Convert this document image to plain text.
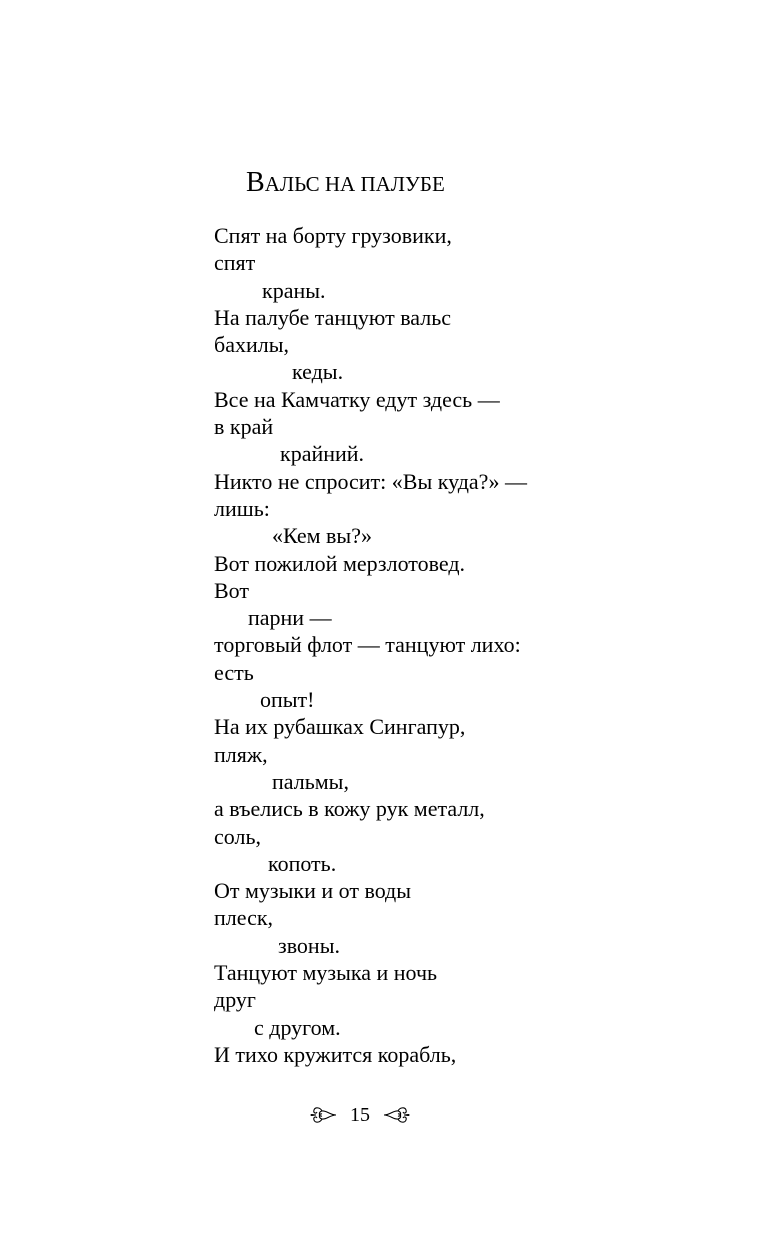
ВАЛЬС НА ПАЛУБЕ
Спят на борту грузовики,
спят
краны.
На палубе танцуют вальс
бахилы,
кеды.
Все на Камчатку едут здесь —
в край
крайний.
Никто не спросит: «Вы куда?» —
лишь:
«Кем вы?»
Вот пожилой мерзлотовед.
Вот
парни —
торговый флот — танцуют лихо:
есть
опыт!
На их рубашках Сингапур,
пляж,
пальмы,
а въелись в кожу рук металл,
соль,
копоть.
От музыки и от воды
плеск,
звоны.
Танцуют музыка и ночь
друг
с другом.
И тихо кружится корабль,
15
